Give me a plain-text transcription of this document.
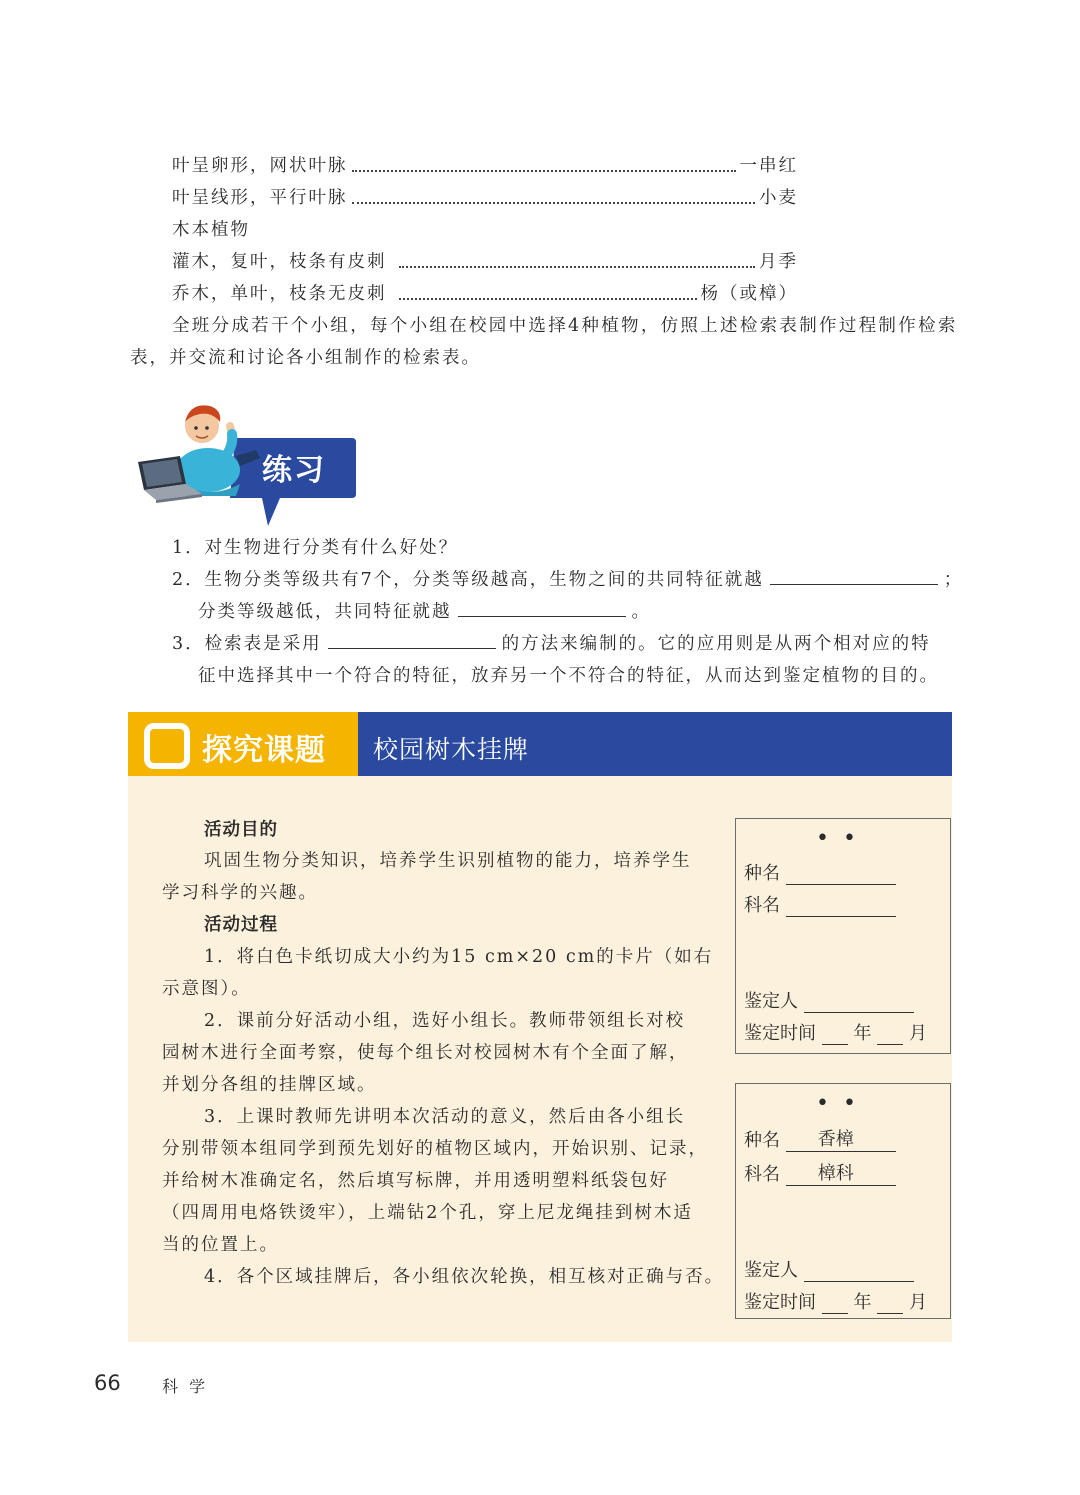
叶呈卵形，网状叶脉	一串红
叶呈线形，平行叶脉	小麦
木本植物
灌木，复叶，枝条有皮刺	月季
乔木，单叶，枝条无皮刺	杨（或樟）
全班分成若干个小组，每个小组在校园中选择4种植物，仿照上述检索表制作过程制作检索
表，并交流和讨论各小组制作的检索表。
练习
1．对生物进行分类有什么好处？
2．生物分类等级共有7个，分类等级越高，生物之间的共同特征就越	；
分类等级越低，共同特征就越	。
3．检索表是采用	的方法来编制的。它的应用则是从两个相对应的特
征中选择其中一个符合的特征，放弃另一个不符合的特征，从而达到鉴定植物的目的。
探究课题 校园树木挂牌
活动目的
巩固生物分类知识，培养学生识别植物的能力，培养学生
学习科学的兴趣。
活动过程
1．将白色卡纸切成大小约为15 cm×20 cm的卡片（如右
示意图）。
2．课前分好活动小组，选好小组长。教师带领组长对校
园树木进行全面考察，使每个组长对校园树木有个全面了解，
并划分各组的挂牌区域。
3．上课时教师先讲明本次活动的意义，然后由各小组长
分别带领本组同学到预先划好的植物区域内，开始识别、记录，
并给树木准确定名，然后填写标牌，并用透明塑料纸袋包好
（四周用电烙铁烫牢），上端钻2个孔，穿上尼龙绳挂到树木适
当的位置上。
4．各个区域挂牌后，各小组依次轮换，相互核对正确与否。
••
种名
科名
鉴定人
鉴定时间 年 月
••
种名 香樟
科名 樟科
鉴定人
鉴定时间 年 月
66	科 学
